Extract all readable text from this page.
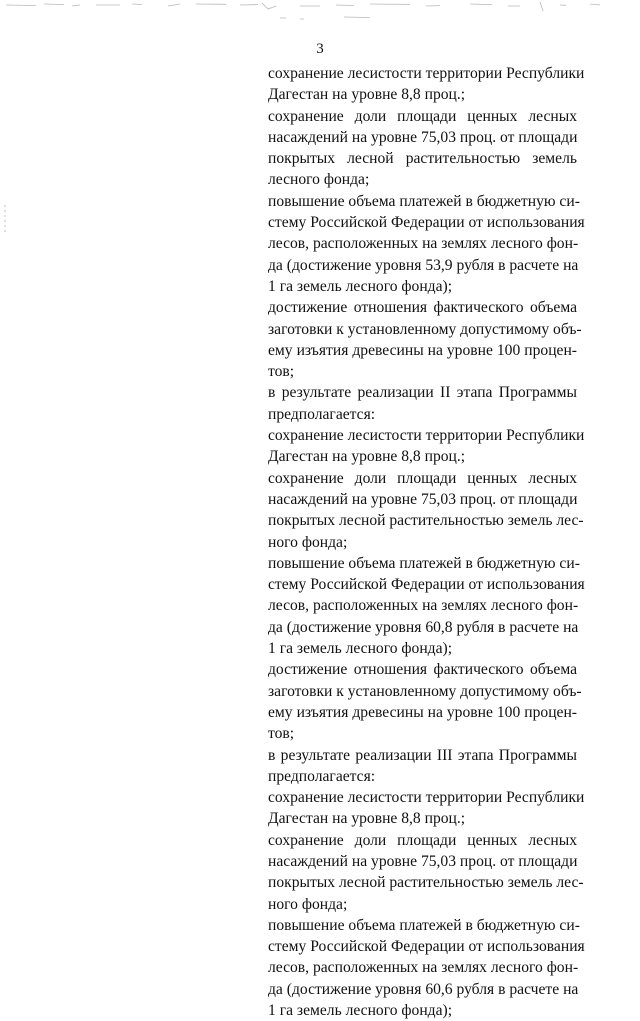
3
сохранение лесистости территории Республики
Дагестан на уровне 8,8 проц.;
сохранение доли площади ценных лесных
насаждений на уровне 75,03 проц. от площади
покрытых лесной растительностью земель
лесного фонда;
повышение объема платежей в бюджетную си-
стему Российской Федерации от использования
лесов, расположенных на землях лесного фон-
да (достижение уровня 53,9 рубля в расчете на
1 га земель лесного фонда);
достижение отношения фактического объема
заготовки к установленному допустимому объ-
ему изъятия древесины на уровне 100 процен-
тов;
в результате реализации II этапа Программы
предполагается:
сохранение лесистости территории Республики
Дагестан на уровне 8,8 проц.;
сохранение доли площади ценных лесных
насаждений на уровне 75,03 проц. от площади
покрытых лесной растительностью земель лес-
ного фонда;
повышение объема платежей в бюджетную си-
стему Российской Федерации от использования
лесов, расположенных на землях лесного фон-
да (достижение уровня 60,8 рубля в расчете на
1 га земель лесного фонда);
достижение отношения фактического объема
заготовки к установленному допустимому объ-
ему изъятия древесины на уровне 100 процен-
тов;
в результате реализации III этапа Программы
предполагается:
сохранение лесистости территории Республики
Дагестан на уровне 8,8 проц.;
сохранение доли площади ценных лесных
насаждений на уровне 75,03 проц. от площади
покрытых лесной растительностью земель лес-
ного фонда;
повышение объема платежей в бюджетную си-
стему Российской Федерации от использования
лесов, расположенных на землях лесного фон-
да (достижение уровня 60,6 рубля в расчете на
1 га земель лесного фонда);
